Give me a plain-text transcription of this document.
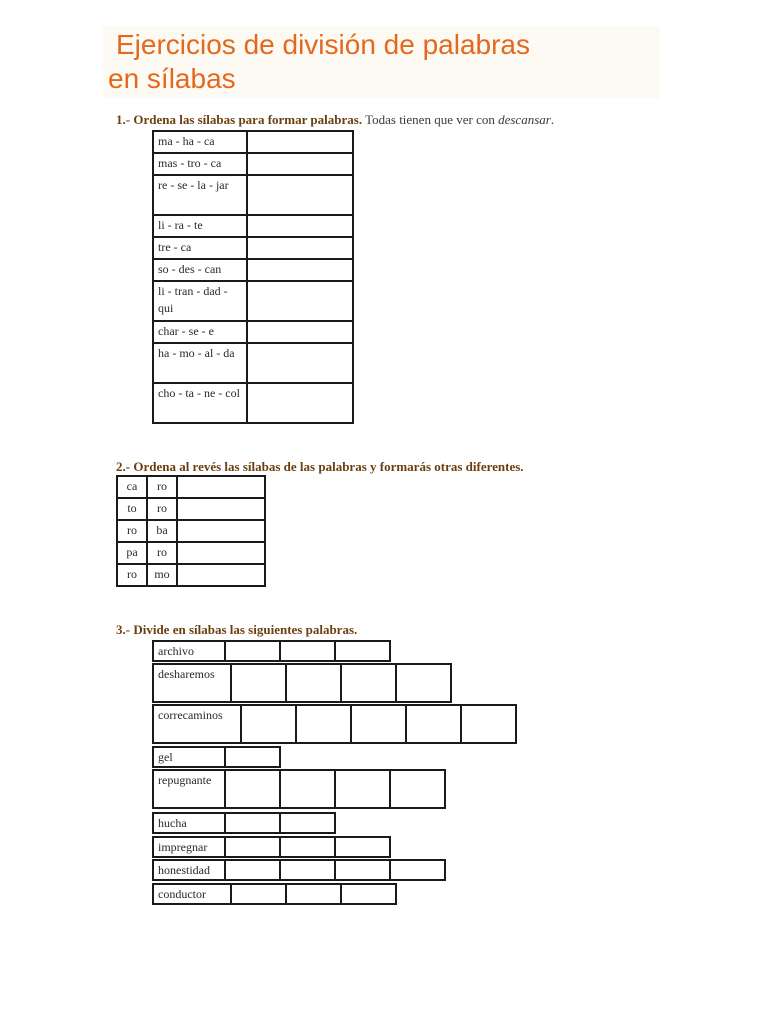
Ejercicios de división de palabras
en sílabas

1.- Ordena las sílabas para formar palabras. Todas tienen que ver con descansar.

ma - ha - ca	
mas - tro - ca	
re - se - la - jar	
li - ra - te	
tre - ca	
so - des - can	
li - tran - dad - qui	
char - se - e	
ha - mo - al - da	
cho - ta - ne - col	

2.- Ordena al revés las sílabas de las palabras y formarás otras diferentes.

ca	ro	
to	ro	
ro	ba	
pa	ro	
ro	mo	

3.- Divide en sílabas las siguientes palabras.

archivo
desharemos
correcaminos
gel
repugnante
hucha
impregnar
honestidad
conductor
